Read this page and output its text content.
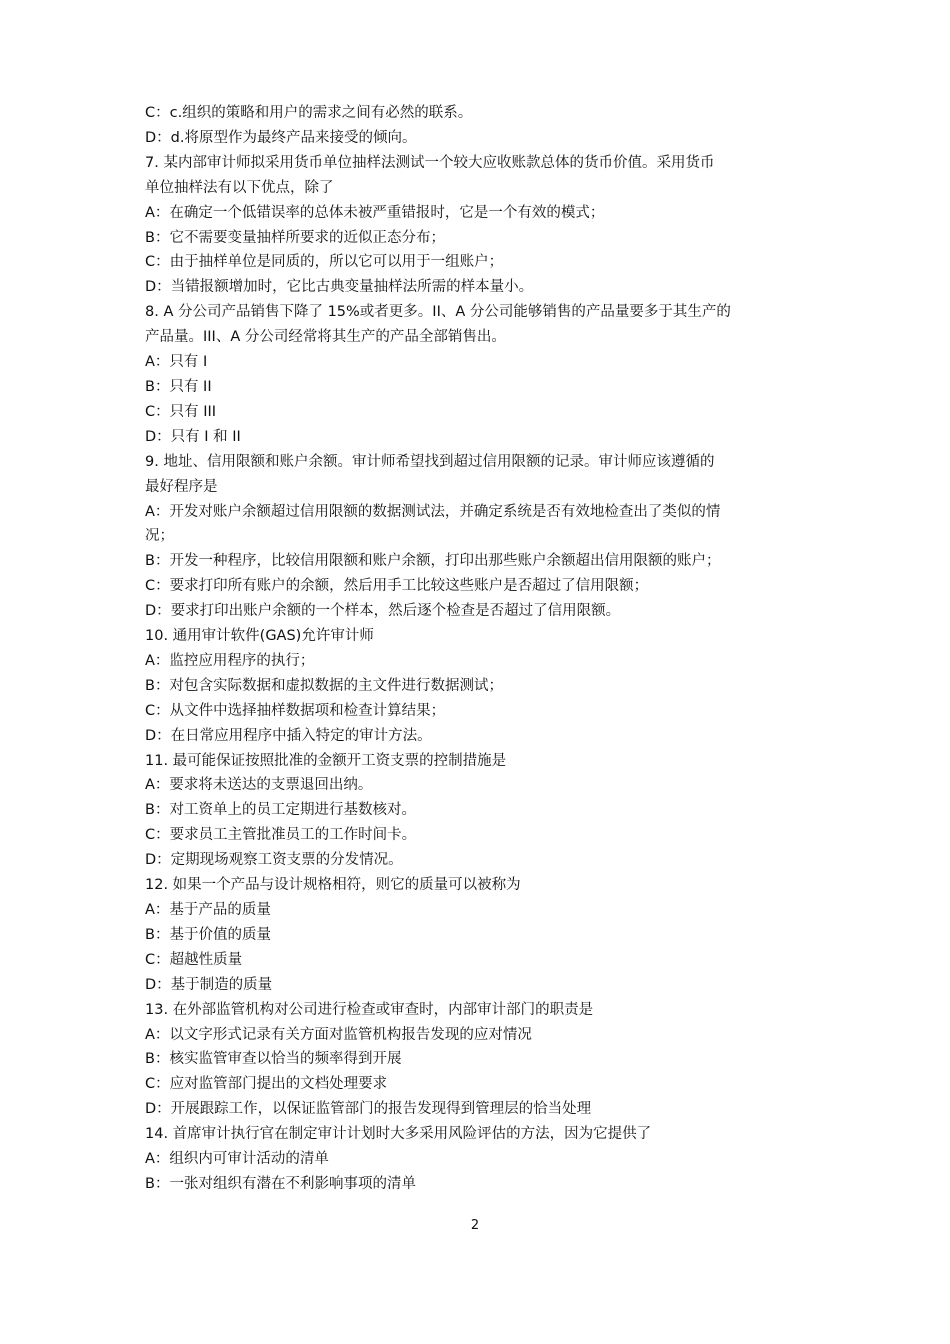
C：c.组织的策略和用户的需求之间有必然的联系。
D：d.将原型作为最终产品来接受的倾向。
7. 某内部审计师拟采用货币单位抽样法测试一个较大应收账款总体的货币价值。采用货币
单位抽样法有以下优点，除了
A：在确定一个低错误率的总体未被严重错报时，它是一个有效的模式；
B：它不需要变量抽样所要求的近似正态分布；
C：由于抽样单位是同质的，所以它可以用于一组账户；
D：当错报额增加时，它比古典变量抽样法所需的样本量小。
8. A 分公司产品销售下降了 15%或者更多。II、A 分公司能够销售的产品量要多于其生产的
产品量。III、A 分公司经常将其生产的产品全部销售出。
A：只有 I
B：只有 II
C：只有 III
D：只有 I 和 II
9. 地址、信用限额和账户余额。审计师希望找到超过信用限额的记录。审计师应该遵循的
最好程序是
A：开发对账户余额超过信用限额的数据测试法，并确定系统是否有效地检查出了类似的情
况；
B：开发一种程序，比较信用限额和账户余额，打印出那些账户余额超出信用限额的账户；
C：要求打印所有账户的余额，然后用手工比较这些账户是否超过了信用限额；
D：要求打印出账户余额的一个样本，然后逐个检查是否超过了信用限额。
10. 通用审计软件(GAS)允许审计师
A：监控应用程序的执行；
B：对包含实际数据和虚拟数据的主文件进行数据测试；
C：从文件中选择抽样数据项和检查计算结果；
D：在日常应用程序中插入特定的审计方法。
11. 最可能保证按照批准的金额开工资支票的控制措施是
A：要求将未送达的支票退回出纳。
B：对工资单上的员工定期进行基数核对。
C：要求员工主管批准员工的工作时间卡。
D：定期现场观察工资支票的分发情况。
12. 如果一个产品与设计规格相符，则它的质量可以被称为
A：基于产品的质量
B：基于价值的质量
C：超越性质量
D：基于制造的质量
13. 在外部监管机构对公司进行检查或审查时，内部审计部门的职责是
A：以文字形式记录有关方面对监管机构报告发现的应对情况
B：核实监管审查以恰当的频率得到开展
C：应对监管部门提出的文档处理要求
D：开展跟踪工作，以保证监管部门的报告发现得到管理层的恰当处理
14. 首席审计执行官在制定审计计划时大多采用风险评估的方法，因为它提供了
A：组织内可审计活动的清单
B：一张对组织有潜在不利影响事项的清单
2
